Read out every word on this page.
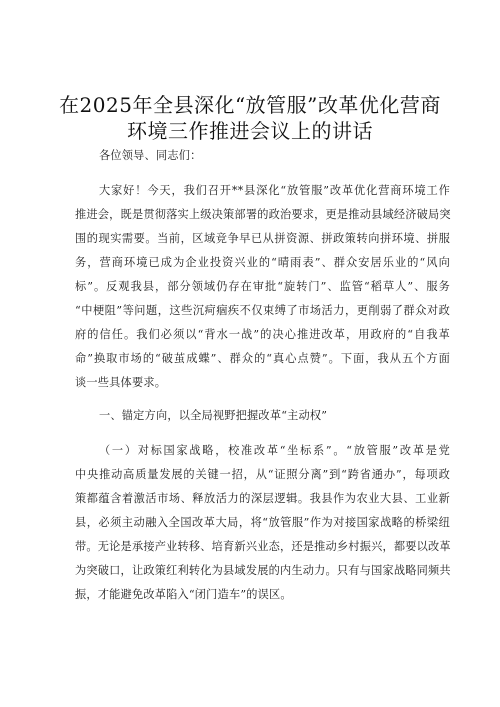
在2025年全县深化“放管服”改革优化营商
环境三作推进会议上的讲话
各位领导、同志们：
大家好！今天，我们召开**县深化“放管服”改革优化营商环境工作
推进会，既是贯彻落实上级决策部署的政治要求，更是推动县域经济破局突
围的现实需要。当前，区域竞争早已从拼资源、拼政策转向拼环境、拼服
务，营商环境已成为企业投资兴业的“晴雨表”、群众安居乐业的“风向
标”。反观我县，部分领域仍存在审批“旋转门”、监管“稻草人”、服务
“中梗阻”等问题，这些沉疴痼疾不仅束缚了市场活力，更削弱了群众对政
府的信任。我们必须以“背水一战”的决心推进改革，用政府的“自我革
命”换取市场的“破茧成蝶”、群众的“真心点赞”。下面，我从五个方面
谈一些具体要求。
一、锚定方向，以全局视野把握改革“主动权”
（一）对标国家战略，校准改革“坐标系”。“放管服”改革是党
中央推动高质量发展的关键一招，从“证照分离”到“跨省通办”，每项政
策都蕴含着激活市场、释放活力的深层逻辑。我县作为农业大县、工业新
县，必须主动融入全国改革大局，将“放管服”作为对接国家战略的桥梁纽
带。无论是承接产业转移、培育新兴业态，还是推动乡村振兴，都要以改革
为突破口，让政策红利转化为县域发展的内生动力。只有与国家战略同频共
振，才能避免改革陷入“闭门造车”的误区。
